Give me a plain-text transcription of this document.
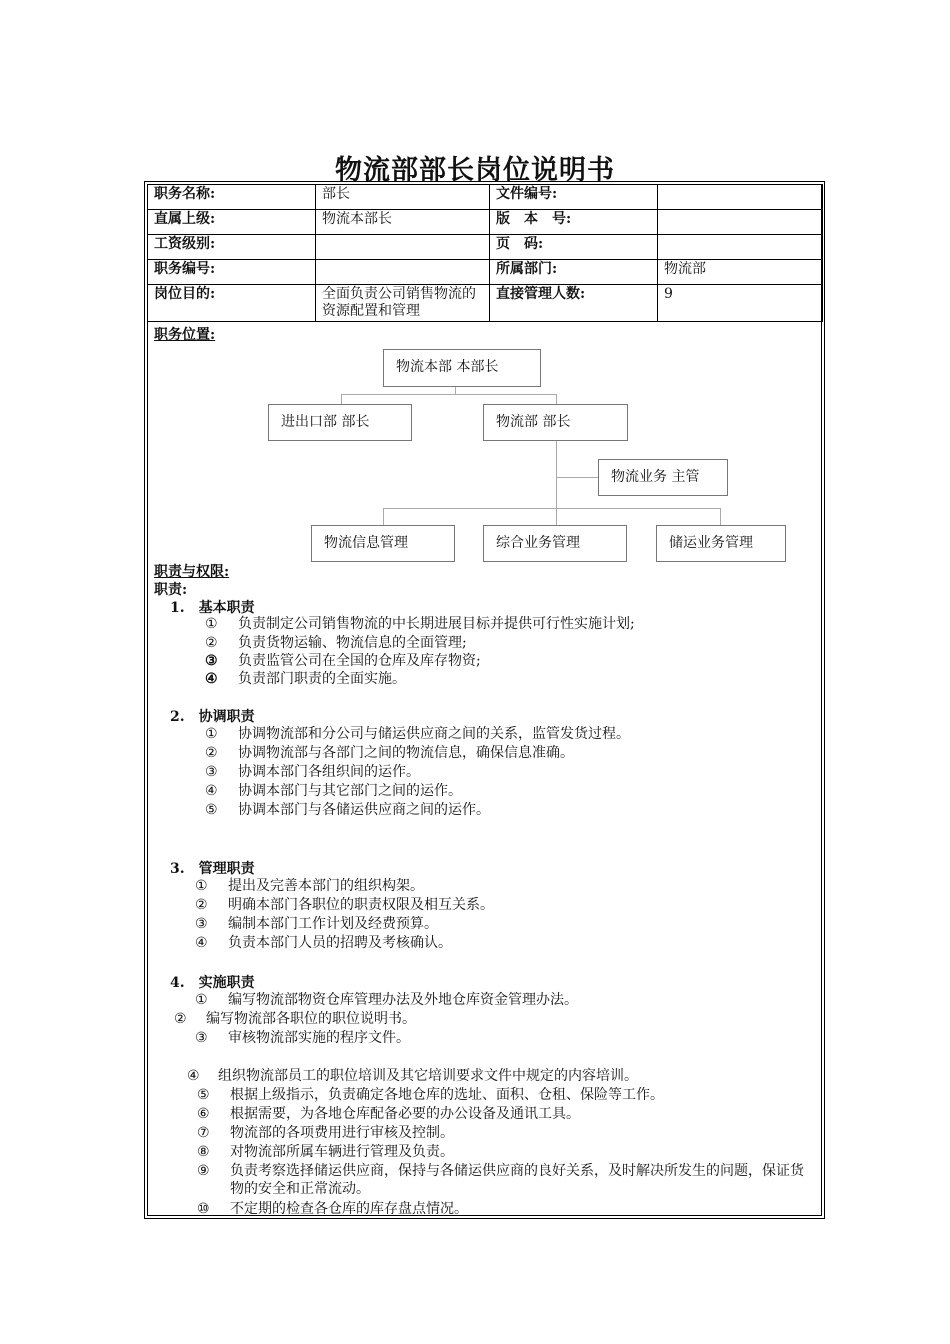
物流部部长岗位说明书
职务名称:	部长	文件编号:	
直属上级:	物流本部长	版　本　号:	
工资级别:		页　码:	
职务编号:		所属部门:	物流部
岗位目的:	全面负责公司销售物流的资源配置和管理	直接管理人数:	9
职务位置:
物流本部 本部长
进出口部 部长	物流部 部长
物流业务 主管
物流信息管理	综合业务管理	储运业务管理
职责与权限:
职责:
1.　基本职责
① 负责制定公司销售物流的中长期进展目标并提供可行性实施计划;
② 负责货物运输、物流信息的全面管理;
③ 负责监管公司在全国的仓库及库存物资;
④ 负责部门职责的全面实施。
2.　协调职责
① 协调物流部和分公司与储运供应商之间的关系，监管发货过程。
② 协调物流部与各部门之间的物流信息，确保信息准确。
③ 协调本部门各组织间的运作。
④ 协调本部门与其它部门之间的运作。
⑤ 协调本部门与各储运供应商之间的运作。
3.　管理职责
① 提出及完善本部门的组织构架。
② 明确本部门各职位的职责权限及相互关系。
③ 编制本部门工作计划及经费预算。
④ 负责本部门人员的招聘及考核确认。
4.　实施职责
① 编写物流部物资仓库管理办法及外地仓库资金管理办法。
② 编写物流部各职位的职位说明书。
③ 审核物流部实施的程序文件。
④ 组织物流部员工的职位培训及其它培训要求文件中规定的内容培训。
⑤ 根据上级指示，负责确定各地仓库的选址、面积、仓租、保险等工作。
⑥ 根据需要，为各地仓库配备必要的办公设备及通讯工具。
⑦ 物流部的各项费用进行审核及控制。
⑧ 对物流部所属车辆进行管理及负责。
⑨ 负责考察选择储运供应商，保持与各储运供应商的良好关系，及时解决所发生的问题，保证货物的安全和正常流动。
⑩ 不定期的检查各仓库的库存盘点情况。
